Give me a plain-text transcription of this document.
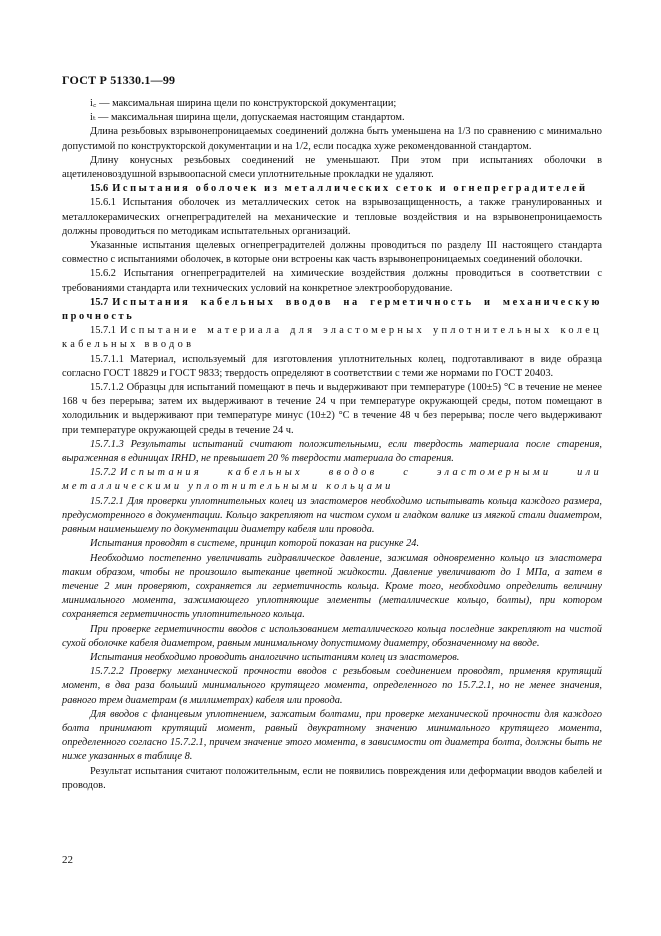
ГОСТ Р 51330.1—99

i꜀ — максимальная ширина щели по конструкторской документации;

iₜ — максимальная ширина щели, допускаемая настоящим стандартом.

Длина резьбовых взрывонепроницаемых соединений должна быть уменьшена на 1/3 по сравнению с минимально допустимой по конструкторской документации и на 1/2, если посадка хуже рекомендованной стандартом.

Длину конусных резьбовых соединений не уменьшают. При этом при испытаниях оболочки в ацетиленовоздушной взрывоопасной смеси уплотнительные прокладки не удаляют.

15.6 Испытания оболочек из металлических сеток и огнепреградителей

15.6.1 Испытания оболочек из металлических сеток на взрывозащищенность, а также гранулированных и металлокерамических огнепреградителей на механические и тепловые воздействия и на взрывонепроницаемость должны проводиться по методикам испытательных организаций.

Указанные испытания щелевых огнепреградителей должны проводиться по разделу III настоящего стандарта совместно с испытаниями оболочек, в которые они встроены как часть взрывонепроницаемых соединений оболочки.

15.6.2 Испытания огнепреградителей на химические воздействия должны проводиться в соответствии с требованиями стандарта или технических условий на конкретное электрооборудование.

15.7 Испытания кабельных вводов на герметичность и механическую прочность

15.7.1 Испытание материала для эластомерных уплотнительных колец кабельных вводов

15.7.1.1 Материал, используемый для изготовления уплотнительных колец, подготавливают в виде образца согласно ГОСТ 18829 и ГОСТ 9833; твердость определяют в соответствии с теми же нормами по ГОСТ 20403.

15.7.1.2 Образцы для испытаний помещают в печь и выдерживают при температуре (100±5) °С в течение не менее 168 ч без перерыва; затем их выдерживают в течение 24 ч при температуре окружающей среды, потом помещают в холодильник и выдерживают при температуре минус (10±2) °С в течение 48 ч без перерыва; после чего выдерживают при температуре окружающей среды в течение 24 ч.

15.7.1.3 Результаты испытаний считают положительными, если твердость материала после старения, выраженная в единицах IRHD, не превышает 20 % твердости материала до старения.

15.7.2 Испытания кабельных вводов с эластомерными или металлическими уплотнительными кольцами

15.7.2.1 Для проверки уплотнительных колец из эластомеров необходимо испытывать кольца каждого размера, предусмотренного в документации. Кольцо закрепляют на чистом сухом и гладком валике из мягкой стали диаметром, равным наименьшему по документации диаметру кабеля или провода.

Испытания проводят в системе, принцип которой показан на рисунке 24.

Необходимо постепенно увеличивать гидравлическое давление, зажимая одновременно кольцо из эластомера таким образом, чтобы не произошло вытекание цветной жидкости. Давление увеличивают до 1 МПа, а затем в течение 2 мин проверяют, сохраняется ли герметичность кольца. Кроме того, необходимо определить величину минимального момента, зажимающего уплотняющие элементы (металлические кольцо, болты), при котором сохраняется герметичность уплотнительного кольца.

При проверке герметичности вводов с использованием металлического кольца последние закрепляют на чистой сухой оболочке кабеля диаметром, равным минимальному допустимому диаметру, обозначенному на вводе.

Испытания необходимо проводить аналогично испытаниям колец из эластомеров.

15.7.2.2 Проверку механической прочности вводов с резьбовым соединением проводят, применяя крутящий момент, в два раза больший минимального крутящего момента, определенного по 15.7.2.1, но не менее значения, равного трем диаметрам (в миллиметрах) кабеля или провода.

Для вводов с фланцевым уплотнением, зажатым болтами, при проверке механической прочности для каждого болта принимают крутящий момент, равный двукратному значению минимального крутящего момента, определенного согласно 15.7.2.1, причем значение этого момента, в зависимости от диаметра болта, должны быть не ниже указанных в таблице 8.

Результат испытания считают положительным, если не появились повреждения или деформации вводов кабелей и проводов.

22
